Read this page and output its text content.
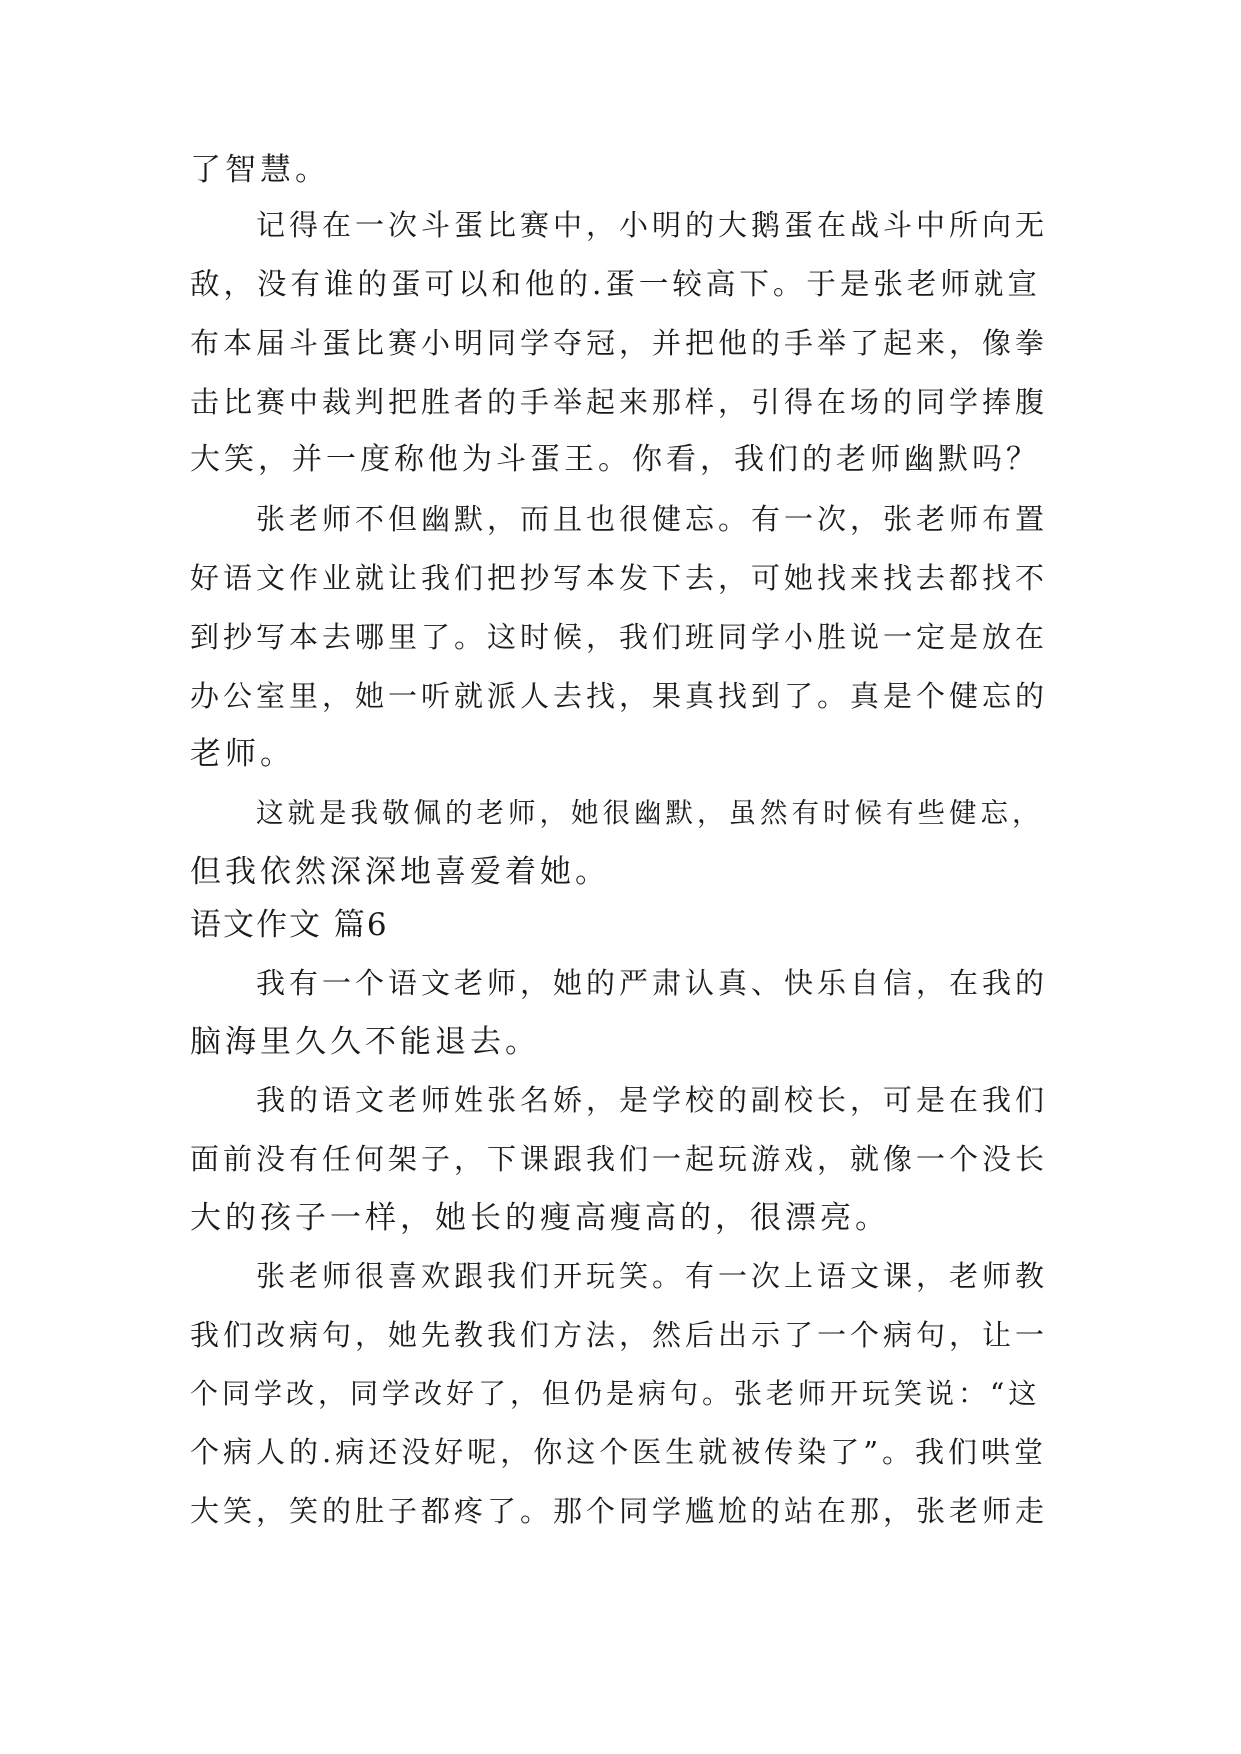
了智慧。
记得在一次斗蛋比赛中，小明的大鹅蛋在战斗中所向无
敌，没有谁的蛋可以和他的.蛋一较高下。于是张老师就宣
布本届斗蛋比赛小明同学夺冠，并把他的手举了起来，像拳
击比赛中裁判把胜者的手举起来那样，引得在场的同学捧腹
大笑，并一度称他为斗蛋王。你看，我们的老师幽默吗？
张老师不但幽默，而且也很健忘。有一次，张老师布置
好语文作业就让我们把抄写本发下去，可她找来找去都找不
到抄写本去哪里了。这时候，我们班同学小胜说一定是放在
办公室里，她一听就派人去找，果真找到了。真是个健忘的
老师。
这就是我敬佩的老师，她很幽默，虽然有时候有些健忘，
但我依然深深地喜爱着她。
语文作文 篇6
我有一个语文老师，她的严肃认真、快乐自信，在我的
脑海里久久不能退去。
我的语文老师姓张名娇，是学校的副校长，可是在我们
面前没有任何架子，下课跟我们一起玩游戏，就像一个没长
大的孩子一样，她长的瘦高瘦高的，很漂亮。
张老师很喜欢跟我们开玩笑。有一次上语文课，老师教
我们改病句，她先教我们方法，然后出示了一个病句，让一
个同学改，同学改好了，但仍是病句。张老师开玩笑说：“这
个病人的.病还没好呢，你这个医生就被传染了”。我们哄堂
大笑，笑的肚子都疼了。那个同学尴尬的站在那，张老师走
